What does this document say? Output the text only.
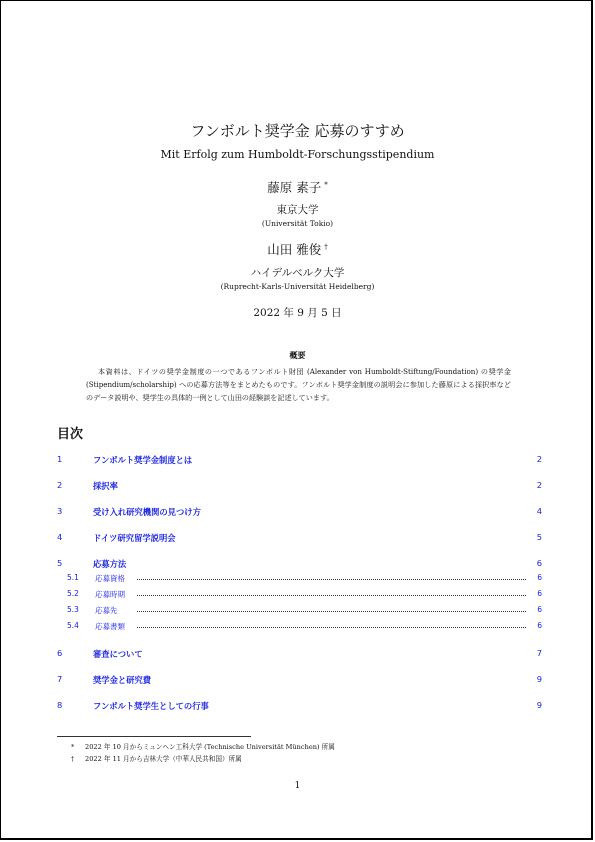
フンボルト奨学金 応募のすすめ
Mit Erfolg zum Humboldt-Forschungsstipendium
藤原 素子 *
東京大学
(Universität Tokio)
山田 雅俊 †
ハイデルベルク大学
(Ruprecht-Karls-Universität Heidelberg)
2022 年 9 月 5 日
概要
本資料は、ドイツの奨学金制度の一つであるフンボルト財団 (Alexander von Humboldt-Stiftung/Foundation) の奨学金 (Stipendium/scholarship) への応募方法等をまとめたものです。フンボルト奨学金制度の説明会に参加した藤原による採択率などのデータ説明や、奨学生の具体的一例として山田の経験談を記述しています。
目次
1	フンボルト奨学金制度とは	2
2	採択率	2
3	受け入れ研究機関の見つけ方	4
4	ドイツ研究留学説明会	5
5	応募方法	6
5.1 応募資格	6
5.2 応募時期	6
5.3 応募先	6
5.4 応募書類	6
6	審査について	7
7	奨学金と研究費	9
8	フンボルト奨学生としての行事	9
* 2022 年 10 月からミュンヘン工科大学 (Technische Universität München) 所属
† 2022 年 11 月から吉林大学（中華人民共和国）所属
1
